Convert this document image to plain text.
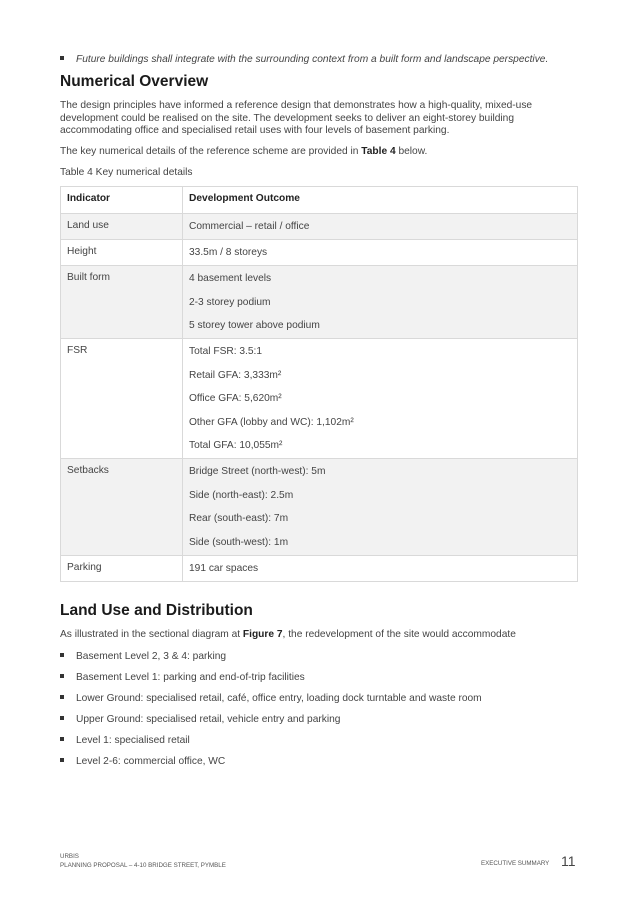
Future buildings shall integrate with the surrounding context from a built form and landscape perspective.
Numerical Overview

The design principles have informed a reference design that demonstrates how a high-quality, mixed-use development could be realised on the site. The development seeks to deliver an eight-storey building accommodating office and specialised retail uses with four levels of basement parking.

The key numerical details of the reference scheme are provided in Table 4 below.

Table 4 Key numerical details

Indicator	Development Outcome
Land use	Commercial – retail / office

Height	33.5m / 8 storeys

Built form	4 basement levels
2-3 storey podium
5 storey tower above podium

FSR	Total FSR: 3.5:1
Retail GFA: 3,333m²
Office GFA: 5,620m²
Other GFA (lobby and WC): 1,102m²
Total GFA: 10,055m²

Setbacks	Bridge Street (north-west): 5m
Side (north-east): 2.5m
Rear (south-east): 7m
Side (south-west): 1m

Parking	191 car spaces
Land Use and Distribution

As illustrated in the sectional diagram at Figure 7, the redevelopment of the site would accommodate

Basement Level 2, 3 & 4: parking
Basement Level 1: parking and end-of-trip facilities
Lower Ground: specialised retail, café, office entry, loading dock turntable and waste room
Upper Ground: specialised retail, vehicle entry and parking
Level 1: specialised retail
Level 2-6: commercial office, WC
URBIS
PLANNING PROPOSAL – 4-10 BRIDGE STREET, PYMBLE	EXECUTIVE SUMMARY 11
